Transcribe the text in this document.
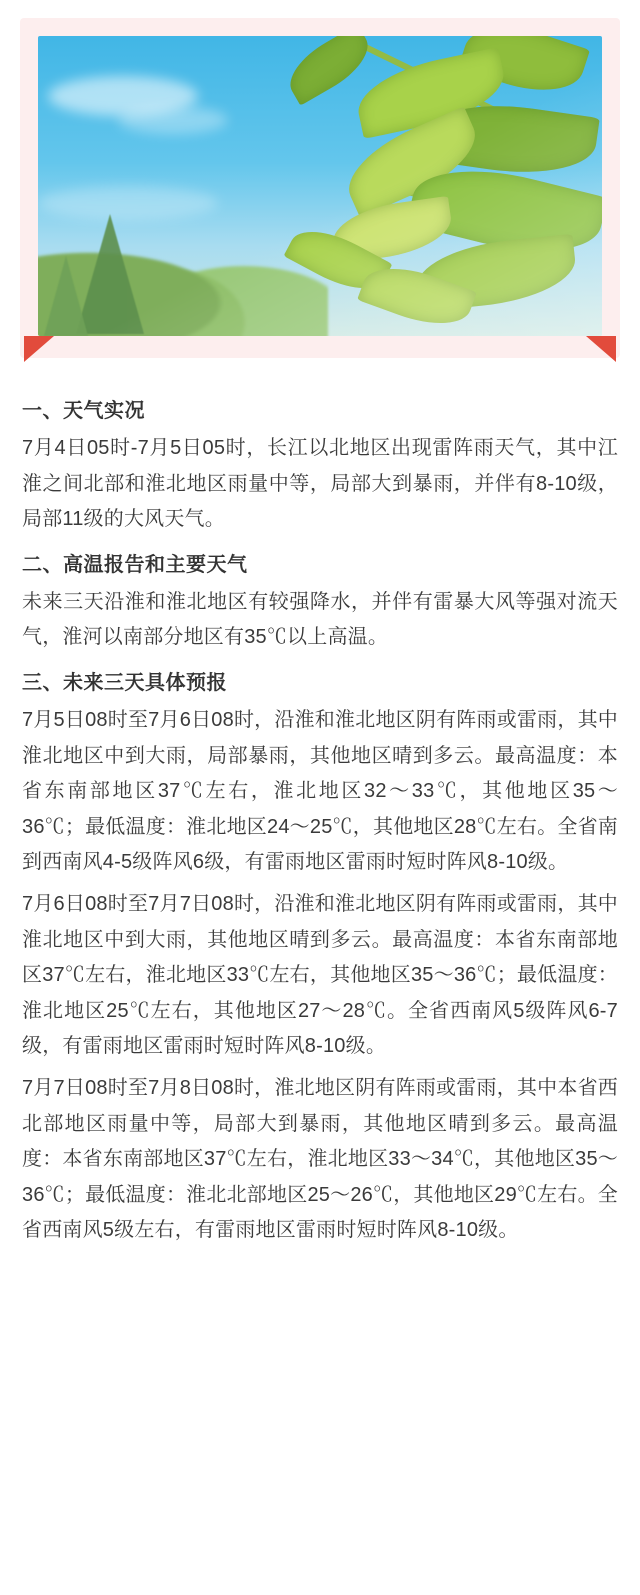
一、天气实况

7月4日05时-7月5日05时，长江以北地区出现雷阵雨天气，其中江淮之间北部和淮北地区雨量中等，局部大到暴雨，并伴有8-10级，局部11级的大风天气。

二、高温报告和主要天气

未来三天沿淮和淮北地区有较强降水，并伴有雷暴大风等强对流天气，淮河以南部分地区有35℃以上高温。

三、未来三天具体预报

7月5日08时至7月6日08时，沿淮和淮北地区阴有阵雨或雷雨，其中淮北地区中到大雨，局部暴雨，其他地区晴到多云。最高温度：本省东南部地区37℃左右，淮北地区32～33℃，其他地区35～36℃；最低温度：淮北地区24～25℃，其他地区28℃左右。全省南到西南风4-5级阵风6级，有雷雨地区雷雨时短时阵风8-10级。

7月6日08时至7月7日08时，沿淮和淮北地区阴有阵雨或雷雨，其中淮北地区中到大雨，其他地区晴到多云。最高温度：本省东南部地区37℃左右，淮北地区33℃左右，其他地区35～36℃；最低温度：淮北地区25℃左右，其他地区27～28℃。全省西南风5级阵风6-7级，有雷雨地区雷雨时短时阵风8-10级。

7月7日08时至7月8日08时，淮北地区阴有阵雨或雷雨，其中本省西北部地区雨量中等，局部大到暴雨，其他地区晴到多云。最高温度：本省东南部地区37℃左右，淮北地区33～34℃，其他地区35～36℃；最低温度：淮北北部地区25～26℃，其他地区29℃左右。全省西南风5级左右，有雷雨地区雷雨时短时阵风8-10级。
